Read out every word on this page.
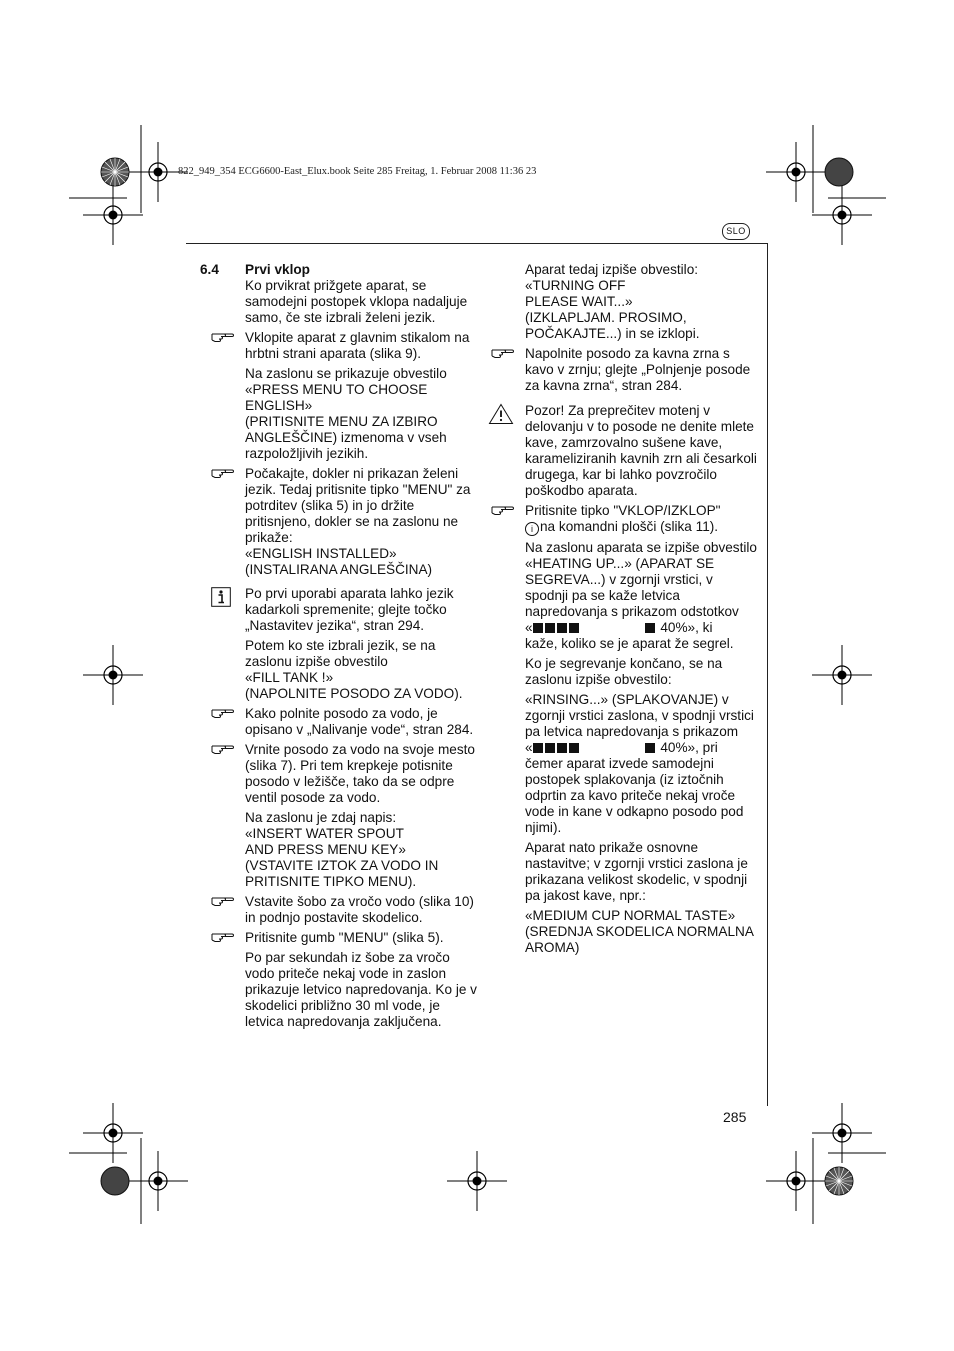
822_949_354 ECG6600-East_Elux.book Seite 285 Freitag, 1. Februar 2008 11:36 23
SLO
6.4 Prvi vklop

Ko prvikrat prižgete aparat, se samodejni postopek vklopa nadaljuje samo, če ste izbrali želeni jezik.

Vklopite aparat z glavnim stikalom na hrbtni strani aparata (slika 9).

Na zaslonu se prikazuje obvestilo

«PRESS MENU TO CHOOSE ENGLISH»

(PRITISNITE MENU ZA IZBIRO ANGLEŠČINE) izmenoma v vseh razpoložljivih jezikih.

Počakajte, dokler ni prikazan želeni jezik. Tedaj pritisnite tipko "MENU" za potrditev (slika 5) in jo držite pritisnjeno, dokler se na zaslonu ne prikaže:

«ENGLISH INSTALLED»

(INSTALIRANA ANGLEŠČINA)

Po prvi uporabi aparata lahko jezik kadarkoli spremenite; glejte točko „Nastavitev jezika“, stran 294.

Potem ko ste izbrali jezik, se na zaslonu izpiše obvestilo

«FILL TANK !»

(NAPOLNITE POSODO ZA VODO).

Kako polnite posodo za vodo, je opisano v „Nalivanje vode“, stran 284.

Vrnite posodo za vodo na svoje mesto (slika 7). Pri tem krepkeje potisnite posodo v ležišče, tako da se odpre ventil posode za vodo.

Na zaslonu je zdaj napis:

«INSERT WATER SPOUT

AND PRESS MENU KEY»

(VSTAVITE IZTOK ZA VODO IN PRITISNITE TIPKO MENU).

Vstavite šobo za vročo vodo (slika 10) in podnjo postavite skodelico.

Pritisnite gumb "MENU" (slika 5).

Po par sekundah iz šobe za vročo vodo priteče nekaj vode in zaslon prikazuje letvico napredovanja. Ko je v skodelici približno 30 ml vode, je letvica napredovanja zaključena.

Aparat tedaj izpiše obvestilo:

«TURNING OFF

PLEASE WAIT...»

(IZKLAPLJAM. PROSIMO, POČAKAJTE...) in se izklopi.

Napolnite posodo za kavna zrna s kavo v zrnju; glejte „Polnjenje posode za kavna zrna“, stran 284.

Pozor! Za preprečitev motenj v delovanju v to posode ne denite mlete kave, zamrzovalno sušene kave, karameliziranih kavnih zrn ali česarkoli drugega, kar bi lahko povzročilo poškodbo aparata.

Pritisnite tipko "VKLOP/IZKLOP"

i na komandni plošči (slika 11).

Na zaslonu aparata se izpiše obvestilo «HEATING UP...» (APARAT SE SEGREVA...) v zgornji vrstici, v spodnji pa se kaže letvica napredovanja s prikazom odstotkov

«	40%», ki

kaže, koliko se je aparat že segrel.

Ko je segrevanje končano, se na zaslonu izpiše obvestilo:

«RINSING...» (SPLAKOVANJE) v zgornji vrstici zaslona, v spodnji vrstici pa letvica napredovanja s prikazom

«	40%», pri

čemer aparat izvede samodejni postopek splakovanja (iz iztočnih odprtin za kavo priteče nekaj vroče vode in kane v odkapno posodo pod njimi).

Aparat nato prikaže osnovne nastavitve; v zgornji vrstici zaslona je prikazana velikost skodelic, v spodnji pa jakost kave, npr.:

«MEDIUM CUP NORMAL TASTE»

(SREDNJA SKODELICA NORMALNA AROMA)

285
